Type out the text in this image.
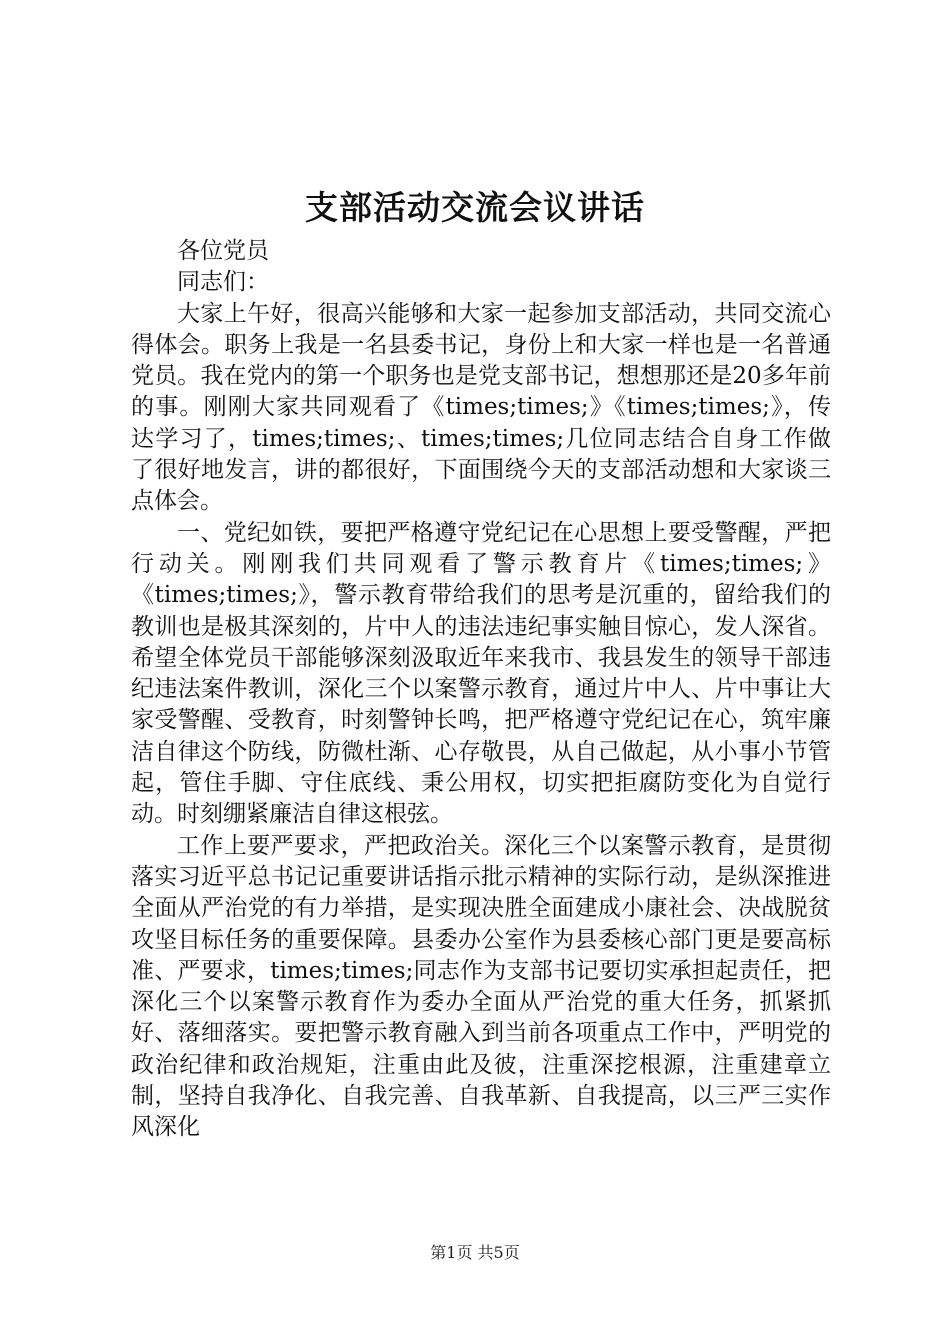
支部活动交流会议讲话

各位党员

同志们：

大家上午好，很高兴能够和大家一起参加支部活动，共同交流心得体会。职务上我是一名县委书记，身份上和大家一样也是一名普通党员。我在党内的第一个职务也是党支部书记，想想那还是20多年前的事。刚刚大家共同观看了《times;times;》《times;times;》，传达学习了，times;times;、times;times;几位同志结合自身工作做了很好地发言，讲的都很好，下面围绕今天的支部活动想和大家谈三点体会。

一、党纪如铁，要把严格遵守党纪记在心思想上要受警醒，严把行动关。刚刚我们共同观看了警示教育片《times;times;》《times;times;》，警示教育带给我们的思考是沉重的，留给我们的教训也是极其深刻的，片中人的违法违纪事实触目惊心，发人深省。希望全体党员干部能够深刻汲取近年来我市、我县发生的领导干部违纪违法案件教训，深化三个以案警示教育，通过片中人、片中事让大家受警醒、受教育，时刻警钟长鸣，把严格遵守党纪记在心，筑牢廉洁自律这个防线，防微杜渐、心存敬畏，从自己做起，从小事小节管起，管住手脚、守住底线、秉公用权，切实把拒腐防变化为自觉行动。时刻绷紧廉洁自律这根弦。

工作上要严要求，严把政治关。深化三个以案警示教育，是贯彻落实习近平总书记记重要讲话指示批示精神的实际行动，是纵深推进全面从严治党的有力举措，是实现决胜全面建成小康社会、决战脱贫攻坚目标任务的重要保障。县委办公室作为县委核心部门更是要高标准、严要求，times;times;同志作为支部书记要切实承担起责任，把深化三个以案警示教育作为委办全面从严治党的重大任务，抓紧抓好、落细落实。要把警示教育融入到当前各项重点工作中，严明党的政治纪律和政治规矩，注重由此及彼，注重深挖根源，注重建章立制，坚持自我净化、自我完善、自我革新、自我提高，以三严三实作风深化

第1页 共5页
